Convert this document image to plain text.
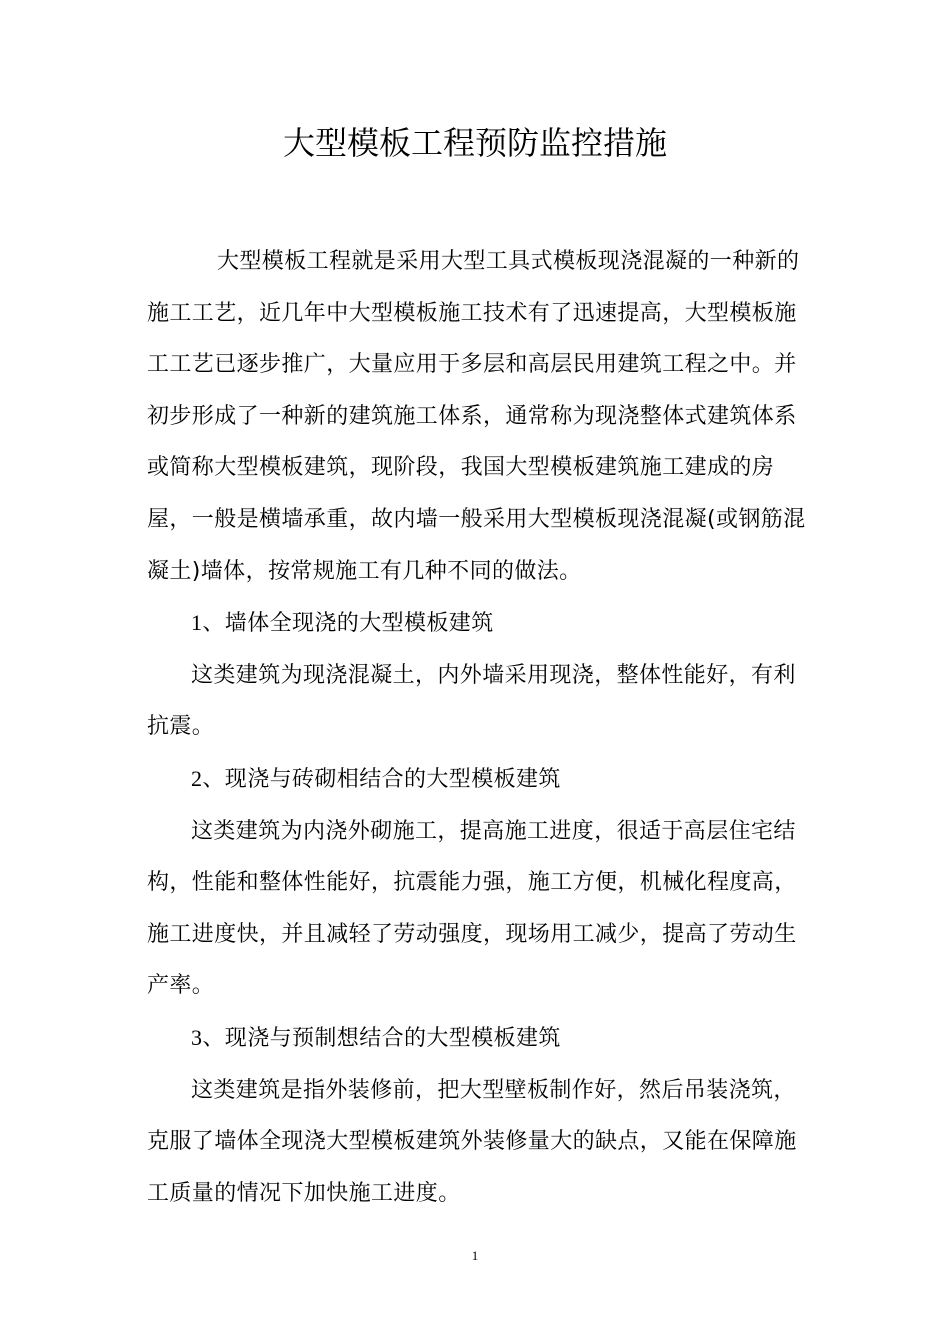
大型模板工程预防监控措施

大型模板工程就是采用大型工具式模板现浇混凝的一种新的施工工艺，近几年中大型模板施工技术有了迅速提高，大型模板施工工艺已逐步推广，大量应用于多层和高层民用建筑工程之中。并初步形成了一种新的建筑施工体系，通常称为现浇整体式建筑体系或简称大型模板建筑，现阶段，我国大型模板建筑施工建成的房屋，一般是横墙承重，故内墙一般采用大型模板现浇混凝(或钢筋混凝土)墙体，按常规施工有几种不同的做法。

1、墙体全现浇的大型模板建筑

这类建筑为现浇混凝土，内外墙采用现浇，整体性能好，有利抗震。

2、现浇与砖砌相结合的大型模板建筑

这类建筑为内浇外砌施工，提高施工进度，很适于高层住宅结构，性能和整体性能好，抗震能力强，施工方便，机械化程度高，施工进度快，并且减轻了劳动强度，现场用工减少，提高了劳动生产率。

3、现浇与预制想结合的大型模板建筑

这类建筑是指外装修前，把大型壁板制作好，然后吊装浇筑，克服了墙体全现浇大型模板建筑外装修量大的缺点，又能在保障施工质量的情况下加快施工进度。

1
